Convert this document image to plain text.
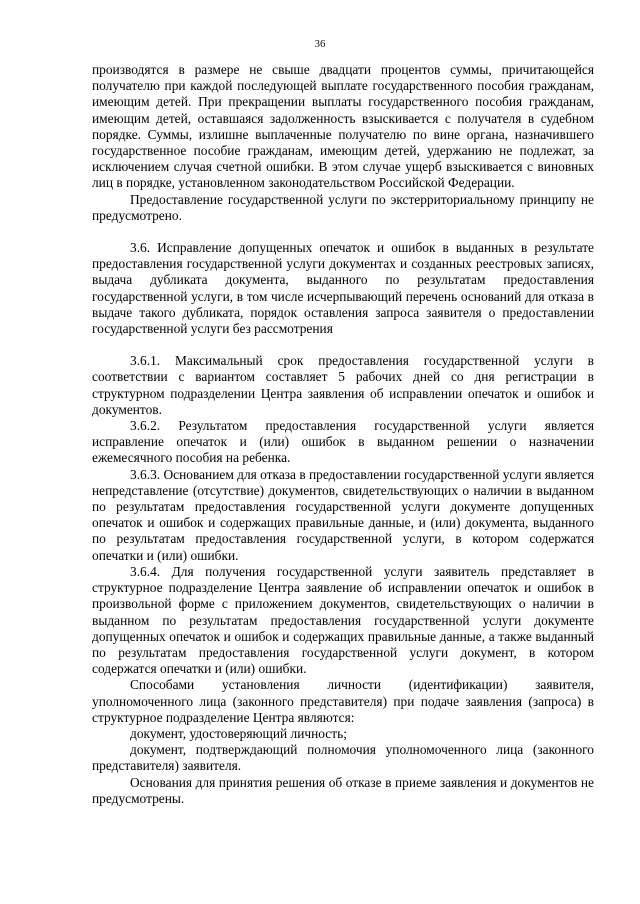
36

производятся в размере не свыше двадцати процентов суммы, причитающейся получателю при каждой последующей выплате государственного пособия гражданам, имеющим детей. При прекращении выплаты государственного пособия гражданам, имеющим детей, оставшаяся задолженность взыскивается с получателя в судебном порядке. Суммы, излишне выплаченные получателю по вине органа, назначившего государственное пособие гражданам, имеющим детей, удержанию не подлежат, за исключением случая счетной ошибки. В этом случае ущерб взыскивается с виновных лиц в порядке, установленном законодательством Российской Федерации.

Предоставление государственной услуги по экстерриториальному принципу не предусмотрено.

3.6. Исправление допущенных опечаток и ошибок в выданных в результате предоставления государственной услуги документах и созданных реестровых записях, выдача дубликата документа, выданного по результатам предоставления государственной услуги, в том числе исчерпывающий перечень оснований для отказа в выдаче такого дубликата, порядок оставления запроса заявителя о предоставлении государственной услуги без рассмотрения

3.6.1. Максимальный срок предоставления государственной услуги в соответствии с вариантом составляет 5 рабочих дней со дня регистрации в структурном подразделении Центра заявления об исправлении опечаток и ошибок и документов.

3.6.2. Результатом предоставления государственной услуги является исправление опечаток и (или) ошибок в выданном решении о назначении ежемесячного пособия на ребенка.

3.6.3. Основанием для отказа в предоставлении государственной услуги является непредставление (отсутствие) документов, свидетельствующих о наличии в выданном по результатам предоставления государственной услуги документе допущенных опечаток и ошибок и содержащих правильные данные, и (или) документа, выданного по результатам предоставления государственной услуги, в котором содержатся опечатки и (или) ошибки.

3.6.4. Для получения государственной услуги заявитель представляет в структурное подразделение Центра заявление об исправлении опечаток и ошибок в произвольной форме с приложением документов, свидетельствующих о наличии в выданном по результатам предоставления государственной услуги документе допущенных опечаток и ошибок и содержащих правильные данные, а также выданный по результатам предоставления государственной услуги документ, в котором содержатся опечатки и (или) ошибки.

Способами установления личности (идентификации) заявителя, уполномоченного лица (законного представителя) при подаче заявления (запроса) в структурное подразделение Центра являются:

документ, удостоверяющий личность;

документ, подтверждающий полномочия уполномоченного лица (законного представителя) заявителя.

Основания для принятия решения об отказе в приеме заявления и документов не предусмотрены.
